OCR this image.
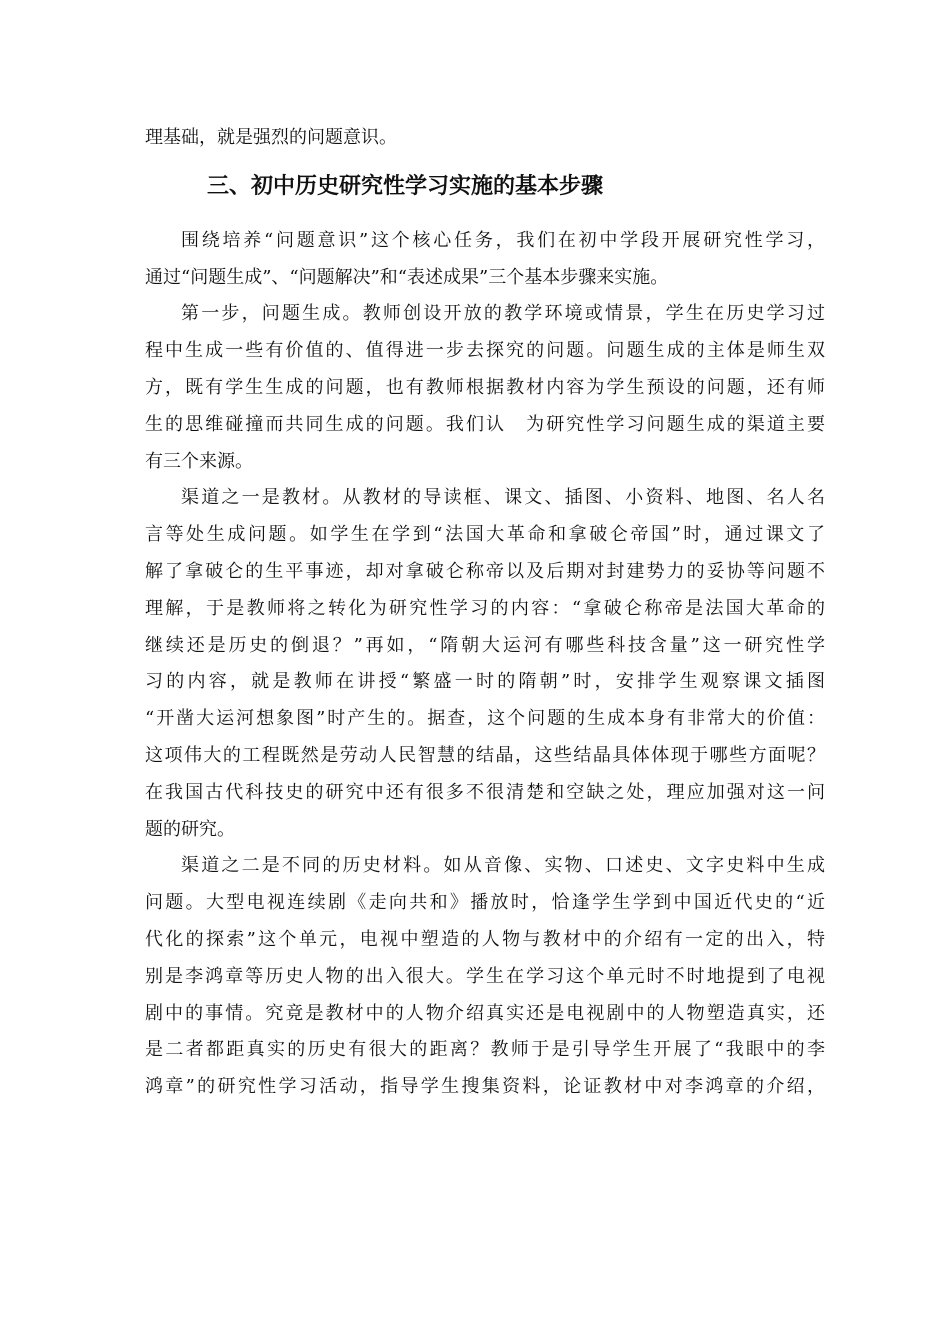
理基础，就是强烈的问题意识。
三、初中历史研究性学习实施的基本步骤
围绕培养“问题意识”这个核心任务，我们在初中学段开展研究性学习，
通过“问题生成”、“问题解决”和“表述成果”三个基本步骤来实施。
第一步，问题生成。教师创设开放的教学环境或情景，学生在历史学习过
程中生成一些有价值的、值得进一步去探究的问题。问题生成的主体是师生双
方，既有学生生成的问题，也有教师根据教材内容为学生预设的问题，还有师
生的思维碰撞而共同生成的问题。我们认　为研究性学习问题生成的渠道主要
有三个来源。
渠道之一是教材。从教材的导读框、课文、插图、小资料、地图、名人名
言等处生成问题。如学生在学到“法国大革命和拿破仑帝国”时，通过课文了
解了拿破仑的生平事迹，却对拿破仑称帝以及后期对封建势力的妥协等问题不
理解，于是教师将之转化为研究性学习的内容：“拿破仑称帝是法国大革命的
继续还是历史的倒退？”再如，“隋朝大运河有哪些科技含量”这一研究性学
习的内容，就是教师在讲授“繁盛一时的隋朝”时，安排学生观察课文插图
“开凿大运河想象图”时产生的。据查，这个问题的生成本身有非常大的价值：
这项伟大的工程既然是劳动人民智慧的结晶，这些结晶具体体现于哪些方面呢？
在我国古代科技史的研究中还有很多不很清楚和空缺之处，理应加强对这一问
题的研究。
渠道之二是不同的历史材料。如从音像、实物、口述史、文字史料中生成
问题。大型电视连续剧《走向共和》播放时，恰逢学生学到中国近代史的“近
代化的探索”这个单元，电视中塑造的人物与教材中的介绍有一定的出入，特
别是李鸿章等历史人物的出入很大。学生在学习这个单元时不时地提到了电视
剧中的事情。究竟是教材中的人物介绍真实还是电视剧中的人物塑造真实，还
是二者都距真实的历史有很大的距离？教师于是引导学生开展了“我眼中的李
鸿章”的研究性学习活动，指导学生搜集资料，论证教材中对李鸿章的介绍，
